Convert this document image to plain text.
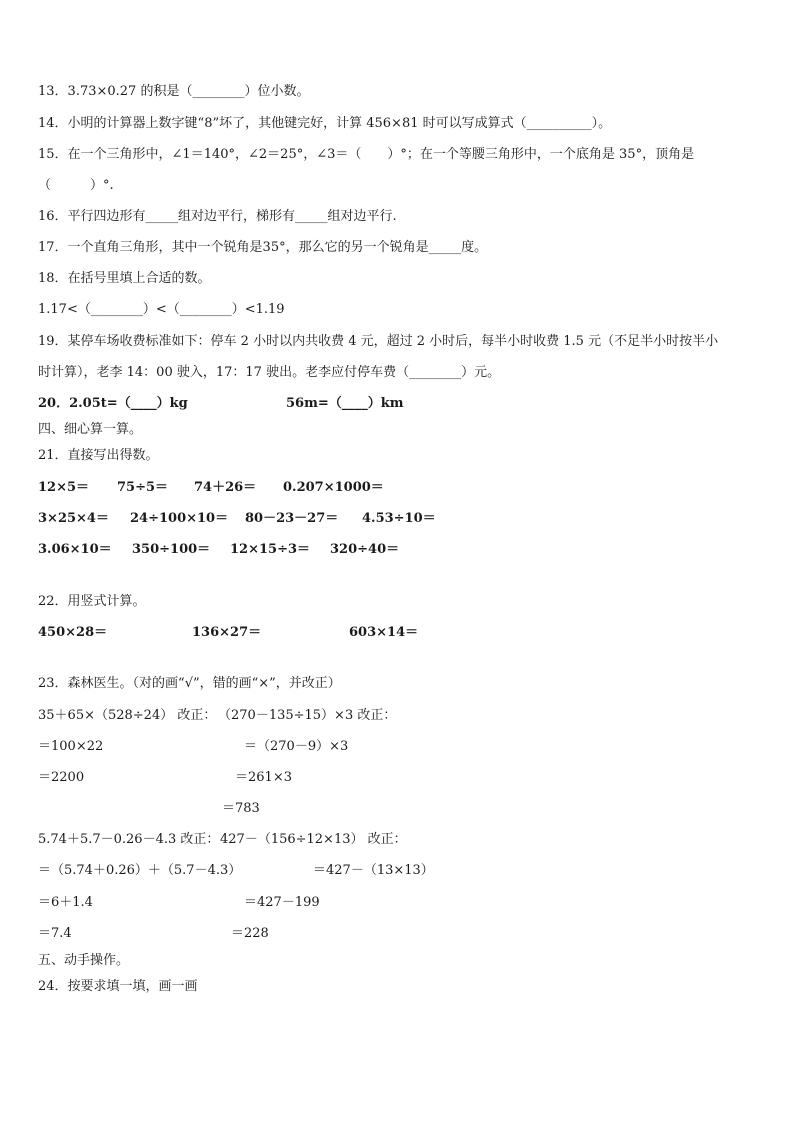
13．3.73×0.27 的积是（________）位小数。
14．小明的计算器上数字键“8”坏了，其他键完好，计算 456×81 时可以写成算式（__________）。
15．在一个三角形中，∠1＝140°，∠2＝25°，∠3＝（　　）°；在一个等腰三角形中，一个底角是 35°，顶角是
（　　　）°.
16．平行四边形有_____组对边平行，梯形有_____组对边平行.
17．一个直角三角形，其中一个锐角是35°，那么它的另一个锐角是_____度。
18．在括号里填上合适的数。
1.17<（________）<（________）<1.19
19．某停车场收费标准如下：停车 2 小时以内共收费 4 元，超过 2 小时后，每半小时收费 1.5 元（不足半小时按半小
时计算），老李 14：00 驶入，17：17 驶出。老李应付停车费（________）元。
20．2.05t=（____）kg	56m=（____）km
四、细心算一算。
21．直接写出得数。
12×5＝ 75÷5＝ 74＋26＝ 0.207×1000＝
3×25×4＝ 24÷100×10＝ 80－23－27＝ 4.53÷10＝
3.06×10＝ 350÷100＝ 12×15÷3＝ 320÷40＝
22．用竖式计算。
450×28＝	136×27＝	603×14＝
23．森林医生。（对的画“√”，错的画“×”，并改正）
35＋65×（528÷24） 改正： （270－135÷15）×3 改正：
＝100×22	＝（270－9）×3
＝2200	＝261×3
＝783
5.74＋5.7－0.26－4.3 改正： 427－（156÷12×13） 改正：
＝（5.74＋0.26）＋（5.7－4.3）	＝427－（13×13）
＝6＋1.4	＝427－199
＝7.4	＝228
五、动手操作。
24．按要求填一填，画一画
